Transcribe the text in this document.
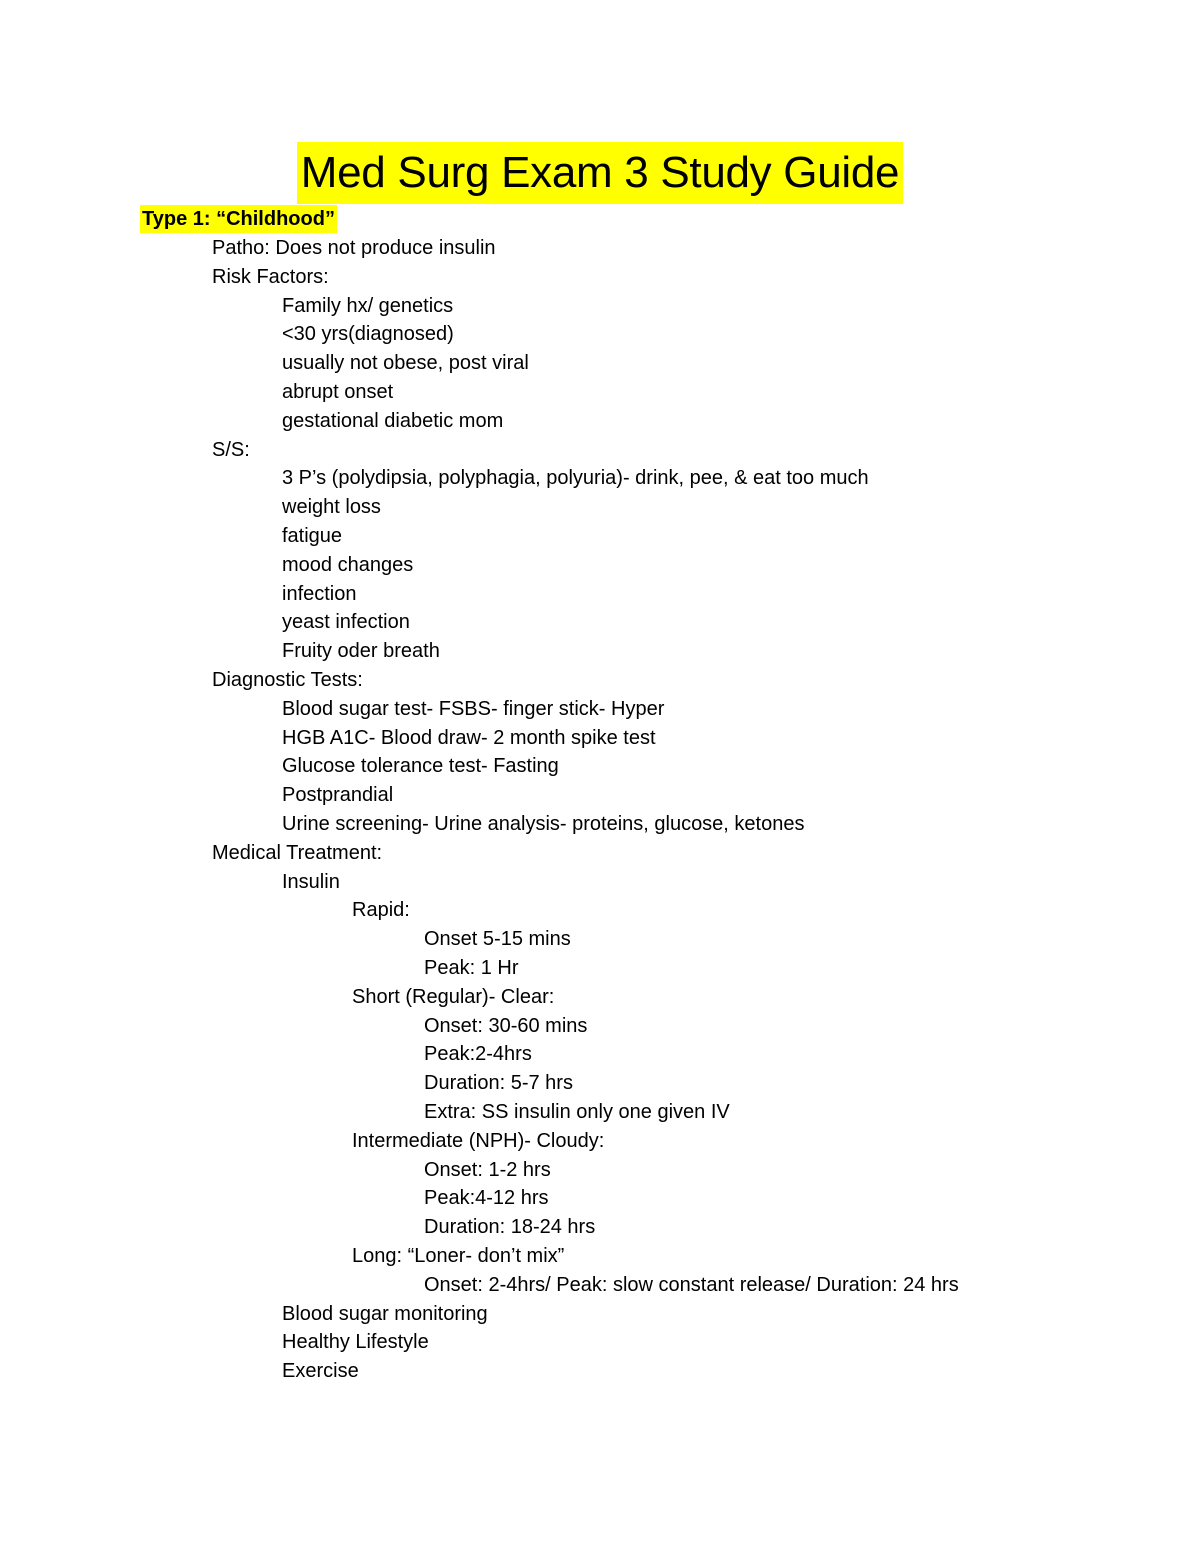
Med Surg Exam 3 Study Guide
Type 1: “Childhood”
Patho: Does not produce insulin
Risk Factors:
Family hx/ genetics
<30 yrs(diagnosed)
usually not obese, post viral
abrupt onset
gestational diabetic mom
S/S:
3 P’s (polydipsia, polyphagia, polyuria)- drink, pee, & eat too much
weight loss
fatigue
mood changes
infection
yeast infection
Fruity oder breath
Diagnostic Tests:
Blood sugar test- FSBS- finger stick- Hyper
HGB A1C- Blood draw- 2 month spike test
Glucose tolerance test- Fasting
Postprandial
Urine screening- Urine analysis- proteins, glucose, ketones
Medical Treatment:
Insulin
Rapid:
Onset 5-15 mins
Peak: 1 Hr
Short (Regular)- Clear:
Onset: 30-60 mins
Peak:2-4hrs
Duration: 5-7 hrs
Extra: SS insulin only one given IV
Intermediate (NPH)- Cloudy:
Onset: 1-2 hrs
Peak:4-12 hrs
Duration: 18-24 hrs
Long: “Loner- don’t mix”
Onset: 2-4hrs/ Peak: slow constant release/ Duration: 24 hrs
Blood sugar monitoring
Healthy Lifestyle
Exercise
